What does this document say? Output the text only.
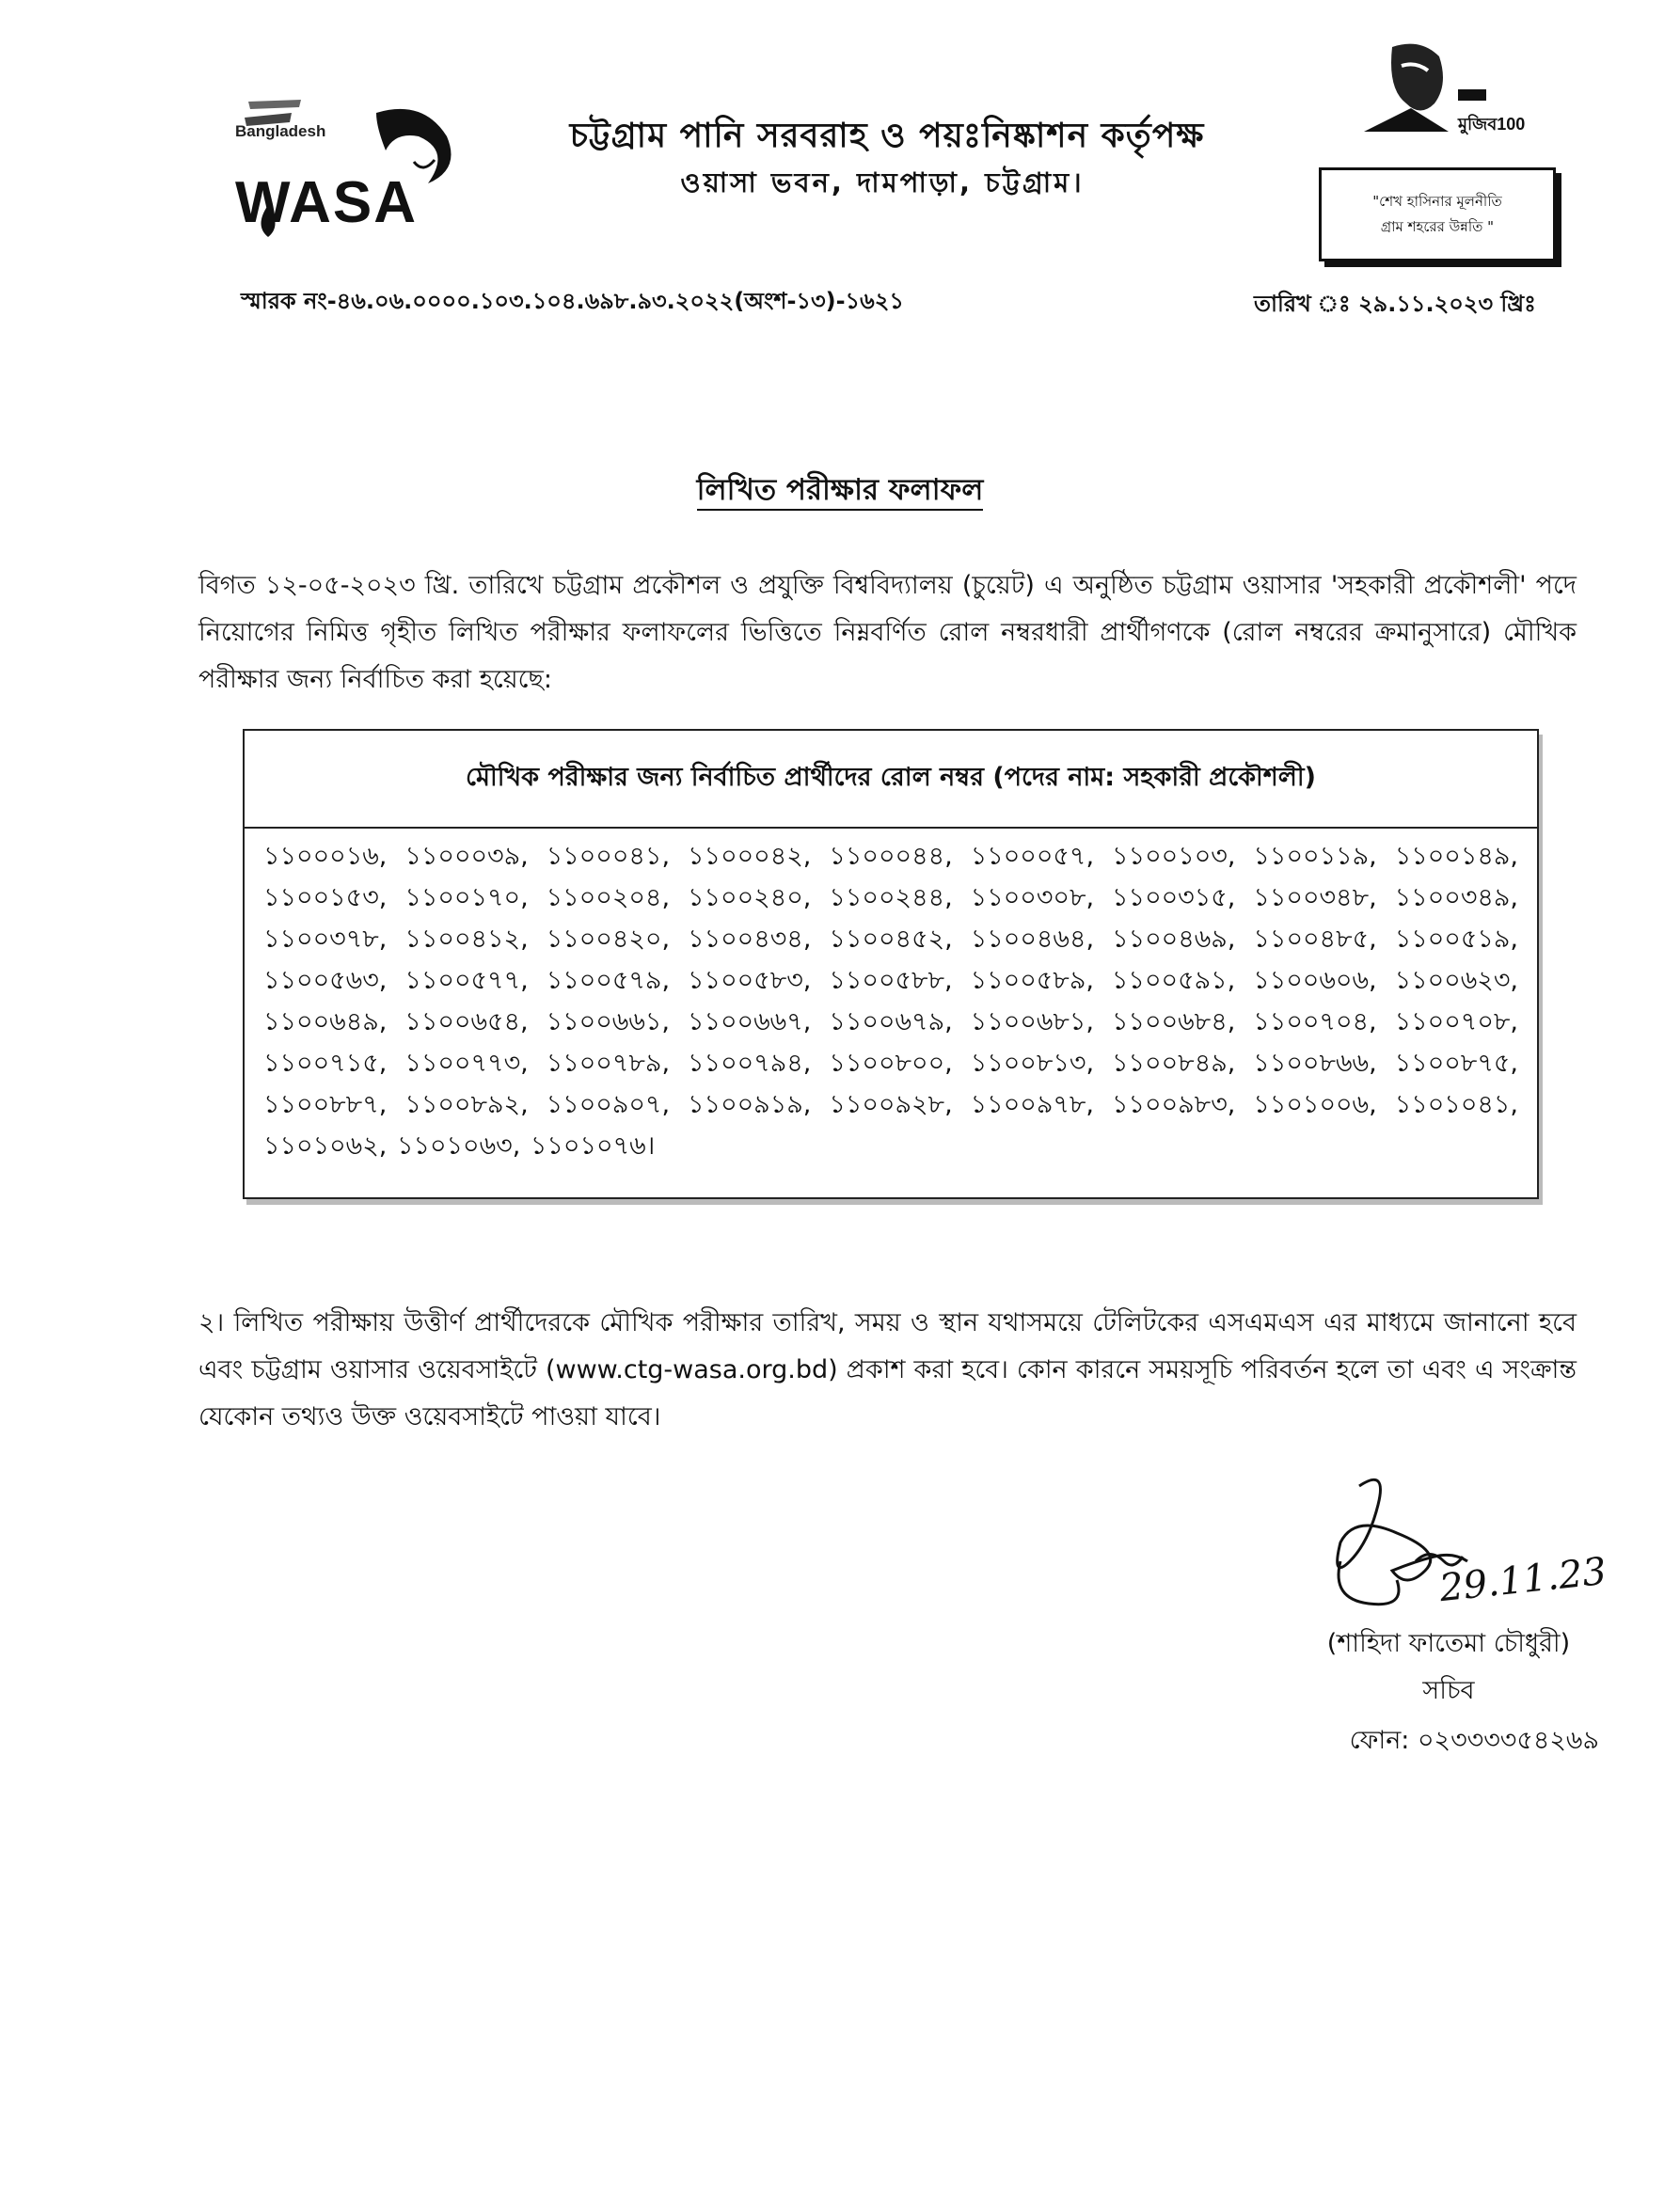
Bangladesh
WASA
মুজিব100
চট্টগ্রাম পানি সরবরাহ ও পয়ঃনিষ্কাশন কর্তৃপক্ষ
ওয়াসা ভবন, দামপাড়া, চট্টগ্রাম।
"শেখ হাসিনার মূলনীতি
গ্রাম শহরের উন্নতি "
স্মারক নং-৪৬.০৬.০০০০.১০৩.১০৪.৬৯৮.৯৩.২০২২(অংশ-১৩)-১৬২১	তারিখ ঃ ২৯.১১.২০২৩ খ্রিঃ
লিখিত পরীক্ষার ফলাফল
বিগত ১২-০৫-২০২৩ খ্রি. তারিখে চট্টগ্রাম প্রকৌশল ও প্রযুক্তি বিশ্ববিদ্যালয় (চুয়েট) এ অনুষ্ঠিত চট্টগ্রাম ওয়াসার 'সহকারী প্রকৌশলী' পদে নিয়োগের নিমিত্ত গৃহীত লিখিত পরীক্ষার ফলাফলের ভিত্তিতে নিম্নবর্ণিত রোল নম্বরধারী প্রার্থীগণকে (রোল নম্বরের ক্রমানুসারে) মৌখিক পরীক্ষার জন্য নির্বাচিত করা হয়েছে:
মৌখিক পরীক্ষার জন্য নির্বাচিত প্রার্থীদের রোল নম্বর (পদের নাম: সহকারী প্রকৌশলী)
১১০০০১৬, ১১০০০৩৯, ১১০০০৪১, ১১০০০৪২, ১১০০০৪৪, ১১০০০৫৭, ১১০০১০৩, ১১০০১১৯, ১১০০১৪৯, ১১০০১৫৩, ১১০০১৭০, ১১০০২০৪, ১১০০২৪০, ১১০০২৪৪, ১১০০৩০৮, ১১০০৩১৫, ১১০০৩৪৮, ১১০০৩৪৯, ১১০০৩৭৮, ১১০০৪১২, ১১০০৪২০, ১১০০৪৩৪, ১১০০৪৫২, ১১০০৪৬৪, ১১০০৪৬৯, ১১০০৪৮৫, ১১০০৫১৯, ১১০০৫৬৩, ১১০০৫৭৭, ১১০০৫৭৯, ১১০০৫৮৩, ১১০০৫৮৮, ১১০০৫৮৯, ১১০০৫৯১, ১১০০৬০৬, ১১০০৬২৩, ১১০০৬৪৯, ১১০০৬৫৪, ১১০০৬৬১, ১১০০৬৬৭, ১১০০৬৭৯, ১১০০৬৮১, ১১০০৬৮৪, ১১০০৭০৪, ১১০০৭০৮, ১১০০৭১৫, ১১০০৭৭৩, ১১০০৭৮৯, ১১০০৭৯৪, ১১০০৮০০, ১১০০৮১৩, ১১০০৮৪৯, ১১০০৮৬৬, ১১০০৮৭৫, ১১০০৮৮৭, ১১০০৮৯২, ১১০০৯০৭, ১১০০৯১৯, ১১০০৯২৮, ১১০০৯৭৮, ১১০০৯৮৩, ১১০১০০৬, ১১০১০৪১, ১১০১০৬২, ১১০১০৬৩, ১১০১০৭৬।
২। লিখিত পরীক্ষায় উত্তীর্ণ প্রার্থীদেরকে মৌখিক পরীক্ষার তারিখ, সময় ও স্থান যথাসময়ে টেলিটকের এসএমএস এর মাধ্যমে জানানো হবে এবং চট্টগ্রাম ওয়াসার ওয়েবসাইটে (www.ctg-wasa.org.bd) প্রকাশ করা হবে। কোন কারনে সময়সূচি পরিবর্তন হলে তা এবং এ সংক্রান্ত যেকোন তথ্যও উক্ত ওয়েবসাইটে পাওয়া যাবে।
29.11.23
(শাহিদা ফাতেমা চৌধুরী)
সচিব
ফোন: ০২৩৩৩৩৫৪২৬৯
